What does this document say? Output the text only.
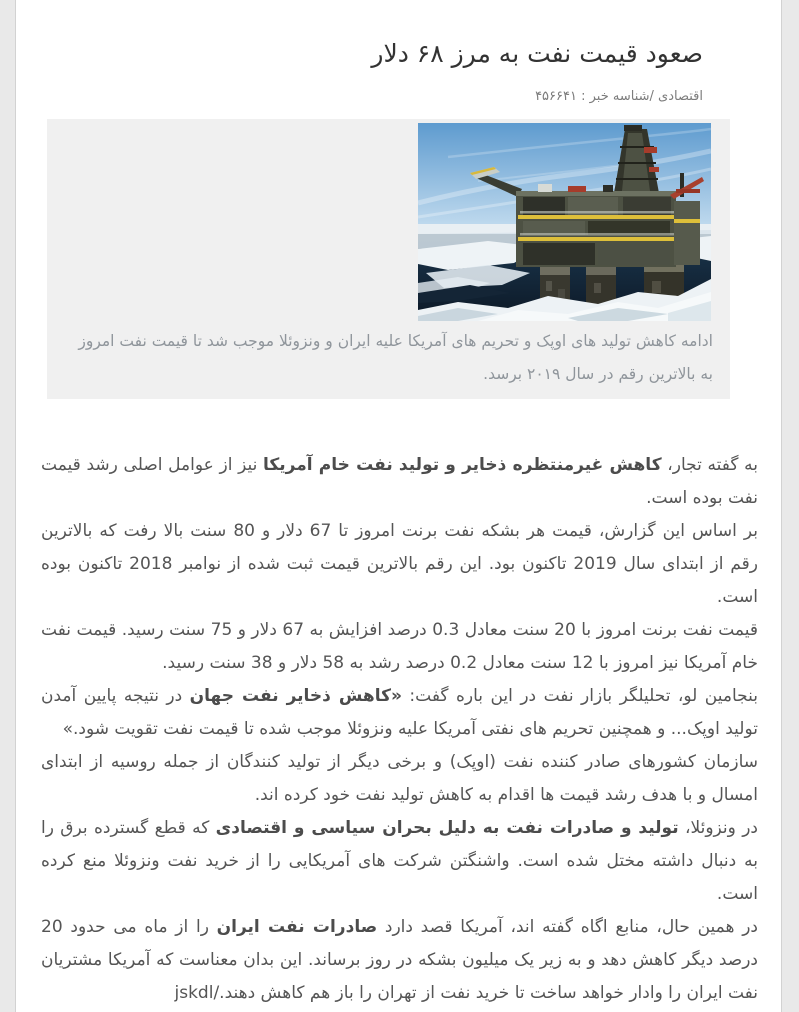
صعود قیمت نفت به مرز ۶۸ دلار
اقتصادی /شناسه خبر : ۴۵۶۶۴۱
ادامه کاهش تولید های اوپک و تحریم های آمریکا علیه ایران و ونزوئلا موجب شد تا قیمت نفت امروز به بالاترین رقم در سال ۲۰۱۹ برسد.

به گفته تجار، کاهش غیرمنتظره ذخایر و تولید نفت خام آمریکا نیز از عوامل اصلی رشد قیمت نفت بوده است.

بر اساس این گزارش، قیمت هر بشکه نفت برنت امروز تا 67 دلار و 80 سنت بالا رفت که بالاترین رقم از ابتدای سال 2019 تاکنون بود. این رقم بالاترین قیمت ثبت شده از نوامبر 2018 تاکنون بوده است.

قیمت نفت برنت امروز با 20 سنت معادل 0.3 درصد افزایش به 67 دلار و 75 سنت رسید. قیمت نفت خام آمریکا نیز امروز با 12 سنت معادل 0.2 درصد رشد به 58 دلار و 38 سنت رسید.

بنجامین لو، تحلیلگر بازار نفت در این باره گفت: «کاهش ذخایر نفت جهان در نتیجه پایین آمدن تولید اوپک... و همچنین تحریم های نفتی آمریکا علیه ونزوئلا موجب شده تا قیمت نفت تقویت شود.»

سازمان کشورهای صادر کننده نفت (اوپک) و برخی دیگر از تولید کنندگان از جمله روسیه از ابتدای امسال و با هدف رشد قیمت ها اقدام به کاهش تولید نفت خود کرده اند.

در ونزوئلا، تولید و صادرات نفت به دلیل بحران سیاسی و اقتصادی که قطع گسترده برق را به دنبال داشته مختل شده است. واشنگتن شرکت های آمریکایی را از خرید نفت ونزوئلا منع کرده است.

در همین حال، منابع اگاه گفته اند، آمریکا قصد دارد صادرات نفت ایران را از ماه می حدود 20 درصد دیگر کاهش دهد و به زیر یک میلیون بشکه در روز برساند. این بدان معناست که آمریکا مشتریان نفت ایران را وادار خواهد ساخت تا خرید نفت از تهران را باز هم کاهش دهند./jskdl
